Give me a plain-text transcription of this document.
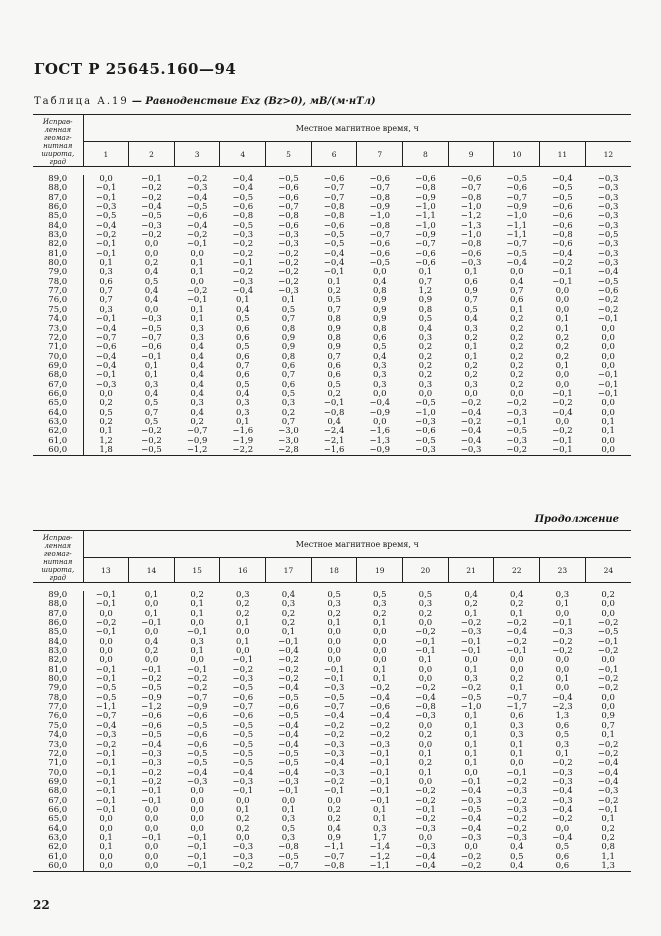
ГОСТ Р 25645.160—94
Таблица А.19 — Равноденствие Exz (Bz>0), мВ/(м·нТл)
Исправ-ленная геомаг-нитная широта, град	Местное магнитное время, ч											
	1	2	3	4	5	6	7	8	9	10	11	12

89,0	0,0	−0,1	−0,2	−0,4	−0,5	−0,6	−0,6	−0,6	−0,6	−0,5	−0,4	−0,3
88,0	−0,1	−0,2	−0,3	−0,4	−0,6	−0,7	−0,7	−0,8	−0,7	−0,6	−0,5	−0,3
87,0	−0,1	−0,2	−0,4	−0,5	−0,6	−0,7	−0,8	−0,9	−0,8	−0,7	−0,5	−0,3
86,0	−0,3	−0,4	−0,5	−0,6	−0,7	−0,8	−0,9	−1,0	−1,0	−0,9	−0,6	−0,3
85,0	−0,5	−0,5	−0,6	−0,8	−0,8	−0,8	−1,0	−1,1	−1,2	−1,0	−0,6	−0,3
84,0	−0,4	−0,3	−0,4	−0,5	−0,6	−0,6	−0,8	−1,0	−1,3	−1,1	−0,6	−0,3
83,0	−0,2	−0,2	−0,2	−0,3	−0,3	−0,5	−0,7	−0,9	−1,0	−1,1	−0,8	−0,5
82,0	−0,1	0,0	−0,1	−0,2	−0,3	−0,5	−0,6	−0,7	−0,8	−0,7	−0,6	−0,3
81,0	−0,1	0,0	0,0	−0,2	−0,2	−0,4	−0,6	−0,6	−0,6	−0,5	−0,4	−0,3
80,0	0,1	0,2	0,1	−0,1	−0,2	−0,4	−0,5	−0,6	−0,3	−0,4	−0,2	−0,3
79,0	0,3	0,4	0,1	−0,2	−0,2	−0,1	0,0	0,1	0,1	0,0	−0,1	−0,4
78,0	0,6	0,5	0,0	−0,3	−0,2	0,1	0,4	0,7	0,6	0,4	−0,1	−0,5
77,0	0,7	0,4	−0,2	−0,4	−0,3	0,2	0,8	1,2	0,9	0,7	0,0	−0,6
76,0	0,7	0,4	−0,1	0,1	0,1	0,5	0,9	0,9	0,7	0,6	0,0	−0,2
75,0	0,3	0,0	0,1	0,4	0,5	0,7	0,9	0,8	0,5	0,1	0,0	−0,2
74,0	−0,1	−0,3	0,1	0,5	0,7	0,8	0,9	0,5	0,4	0,2	0,1	−0,1
73,0	−0,4	−0,5	0,3	0,6	0,8	0,9	0,8	0,4	0,3	0,2	0,1	0,0
72,0	−0,7	−0,7	0,3	0,6	0,9	0,8	0,6	0,3	0,2	0,2	0,2	0,0
71,0	−0,6	−0,6	0,4	0,5	0,9	0,9	0,5	0,2	0,1	0,2	0,2	0,0
70,0	−0,4	−0,1	0,4	0,6	0,8	0,7	0,4	0,2	0,1	0,2	0,2	0,0
69,0	−0,4	0,1	0,4	0,7	0,6	0,6	0,3	0,2	0,2	0,2	0,1	0,0
68,0	−0,1	0,1	0,4	0,6	0,7	0,6	0,3	0,2	0,2	0,2	0,0	−0,1
67,0	−0,3	0,3	0,4	0,5	0,6	0,5	0,3	0,3	0,3	0,2	0,0	−0,1
66,0	0,0	0,4	0,4	0,4	0,5	0,2	0,0	0,0	0,0	0,0	−0,1	−0,1
65,0	0,2	0,5	0,3	0,3	0,3	−0,1	−0,4	−0,5	−0,2	−0,2	−0,2	0,0
64,0	0,5	0,7	0,4	0,3	0,2	−0,8	−0,9	−1,0	−0,4	−0,3	−0,4	0,0
63,0	0,2	0,5	0,2	0,1	0,7	0,4	0,0	−0,3	−0,2	−0,1	0,0	0,1
62,0	0,1	−0,2	−0,7	−1,6	−3,0	−2,4	−1,6	−0,6	−0,4	−0,5	−0,2	0,1
61,0	1,2	−0,2	−0,9	−1,9	−3,0	−2,1	−1,3	−0,5	−0,4	−0,3	−0,1	0,0
60,0	1,8	−0,5	−1,2	−2,2	−2,8	−1,6	−0,9	−0,3	−0,3	−0,2	−0,1	0,0
Продолжение
Исправ-ленная геомаг-нитная широта, град	Местное магнитное время, ч											
	13	14	15	16	17	18	19	20	21	22	23	24

89,0	−0,1	0,1	0,2	0,3	0,4	0,5	0,5	0,5	0,4	0,4	0,3	0,2
88,0	−0,1	0,0	0,1	0,2	0,3	0,3	0,3	0,3	0,2	0,2	0,1	0,0
87,0	0,0	0,1	0,1	0,2	0,2	0,2	0,2	0,2	0,1	0,1	0,0	0,0
86,0	−0,2	−0,1	0,0	0,1	0,2	0,1	0,1	0,0	−0,2	−0,2	−0,1	−0,2
85,0	−0,1	0,0	−0,1	0,0	0,1	0,0	0,0	−0,2	−0,3	−0,4	−0,3	−0,5
84,0	0,0	0,4	0,3	0,1	−0,1	0,0	0,0	−0,1	−0,1	−0,2	−0,2	−0,1
83,0	0,0	0,2	0,1	0,0	−0,4	0,0	0,0	−0,1	−0,1	−0,1	−0,2	−0,2
82,0	0,0	0,0	0,0	−0,1	−0,2	0,0	0,0	0,1	0,0	0,0	0,0	0,0
81,0	−0,1	−0,1	−0,1	−0,2	−0,2	−0,1	0,1	0,0	0,1	0,0	0,0	−0,1
80,0	−0,1	−0,2	−0,2	−0,3	−0,2	−0,1	0,1	0,0	0,3	0,2	0,1	−0,2
79,0	−0,5	−0,5	−0,2	−0,5	−0,4	−0,3	−0,2	−0,2	−0,2	0,1	0,0	−0,2
78,0	−0,5	−0,9	−0,7	−0,6	−0,5	−0,5	−0,4	−0,4	−0,5	−0,7	−0,4	0,0
77,0	−1,1	−1,2	−0,9	−0,7	−0,6	−0,7	−0,6	−0,8	−1,0	−1,7	−2,3	0,0
76,0	−0,7	−0,6	−0,6	−0,6	−0,5	−0,4	−0,4	−0,3	0,1	0,6	1,3	0,9
75,0	−0,4	−0,6	−0,5	−0,5	−0,4	−0,2	−0,2	0,0	0,1	0,3	0,6	0,7
74,0	−0,3	−0,5	−0,6	−0,5	−0,4	−0,2	−0,2	0,2	0,1	0,3	0,5	0,1
73,0	−0,2	−0,4	−0,6	−0,5	−0,4	−0,3	−0,3	0,0	0,1	0,1	0,3	−0,2
72,0	−0,1	−0,3	−0,5	−0,5	−0,5	−0,3	−0,1	0,1	0,1	0,1	0,1	−0,2
71,0	−0,1	−0,3	−0,5	−0,5	−0,5	−0,4	−0,1	0,2	0,1	0,0	−0,2	−0,4
70,0	−0,1	−0,2	−0,4	−0,4	−0,4	−0,3	−0,1	0,1	0,0	−0,1	−0,3	−0,4
69,0	−0,1	−0,2	−0,3	−0,3	−0,3	−0,2	−0,1	0,0	−0,1	−0,2	−0,3	−0,4
68,0	−0,1	−0,1	0,0	−0,1	−0,1	−0,1	−0,1	−0,2	−0,4	−0,3	−0,4	−0,3
67,0	−0,1	−0,1	0,0	0,0	0,0	0,0	−0,1	−0,2	−0,3	−0,2	−0,3	−0,2
66,0	−0,1	0,0	0,0	0,1	0,1	0,2	0,1	−0,1	−0,5	−0,3	−0,4	−0,1
65,0	0,0	0,0	0,0	0,2	0,3	0,2	0,1	−0,2	−0,4	−0,2	−0,2	0,1
64,0	0,0	0,0	0,0	0,2	0,5	0,4	0,3	−0,3	−0,4	−0,2	0,0	0,2
63,0	0,1	−0,1	−0,1	0,0	0,3	0,9	1,7	0,0	−0,3	−0,3	−0,4	0,2
62,0	0,1	0,0	−0,1	−0,3	−0,8	−1,1	−1,4	−0,3	0,0	0,4	0,5	0,8
61,0	0,0	0,0	−0,1	−0,3	−0,5	−0,7	−1,2	−0,4	−0,2	0,5	0,6	1,1
60,0	0,0	0,0	−0,1	−0,2	−0,7	−0,8	−1,1	−0,4	−0,2	0,4	0,6	1,3
22
